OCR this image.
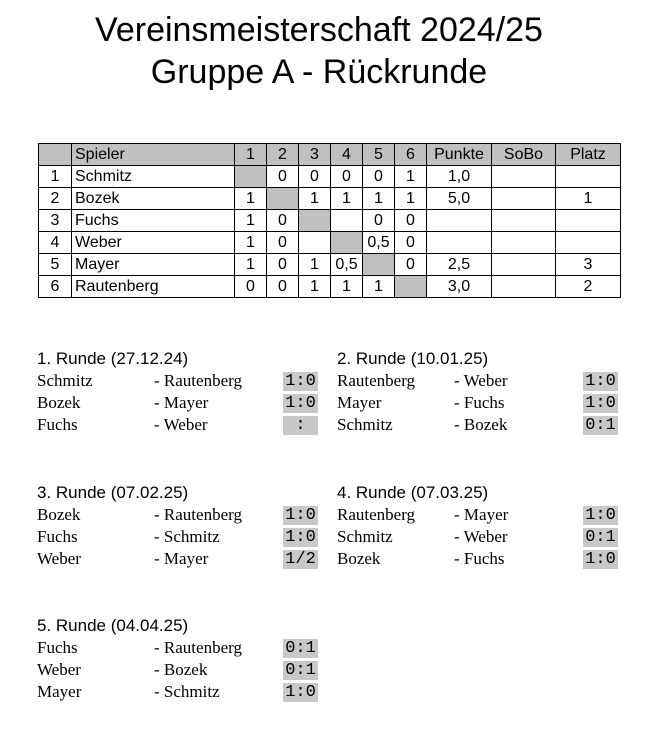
Vereinsmeisterschaft 2024/25
Gruppe A - Rückrunde
	Spieler	1	2	3	4	5	6	Punkte	SoBo	Platz
1	Schmitz		0	0	0	0	1	1,0		
2	Bozek	1		1	1	1	1	5,0		1
3	Fuchs	1	0			0	0			
4	Weber	1	0			0,5	0			
5	Mayer	1	0	1	0,5		0	2,5		3
6	Rautenberg	0	0	1	1	1		3,0		2
1. Runde (27.12.24)
Schmitz	- Rautenberg	1:0
Bozek	- Mayer	1:0
Fuchs	- Weber	:
2. Runde (10.01.25)
Rautenberg - Weber	1:0
Mayer	- Fuchs	1:0
Schmitz	- Bozek	0:1
3. Runde (07.02.25)
Bozek	- Rautenberg	1:0
Fuchs	- Schmitz	1:0
Weber	- Mayer	1/2
4. Runde (07.03.25)
Rautenberg - Mayer	1:0
Schmitz	- Weber	0:1
Bozek	- Fuchs	1:0
5. Runde (04.04.25)
Fuchs	- Rautenberg	0:1
Weber	- Bozek	0:1
Mayer	- Schmitz	1:0
